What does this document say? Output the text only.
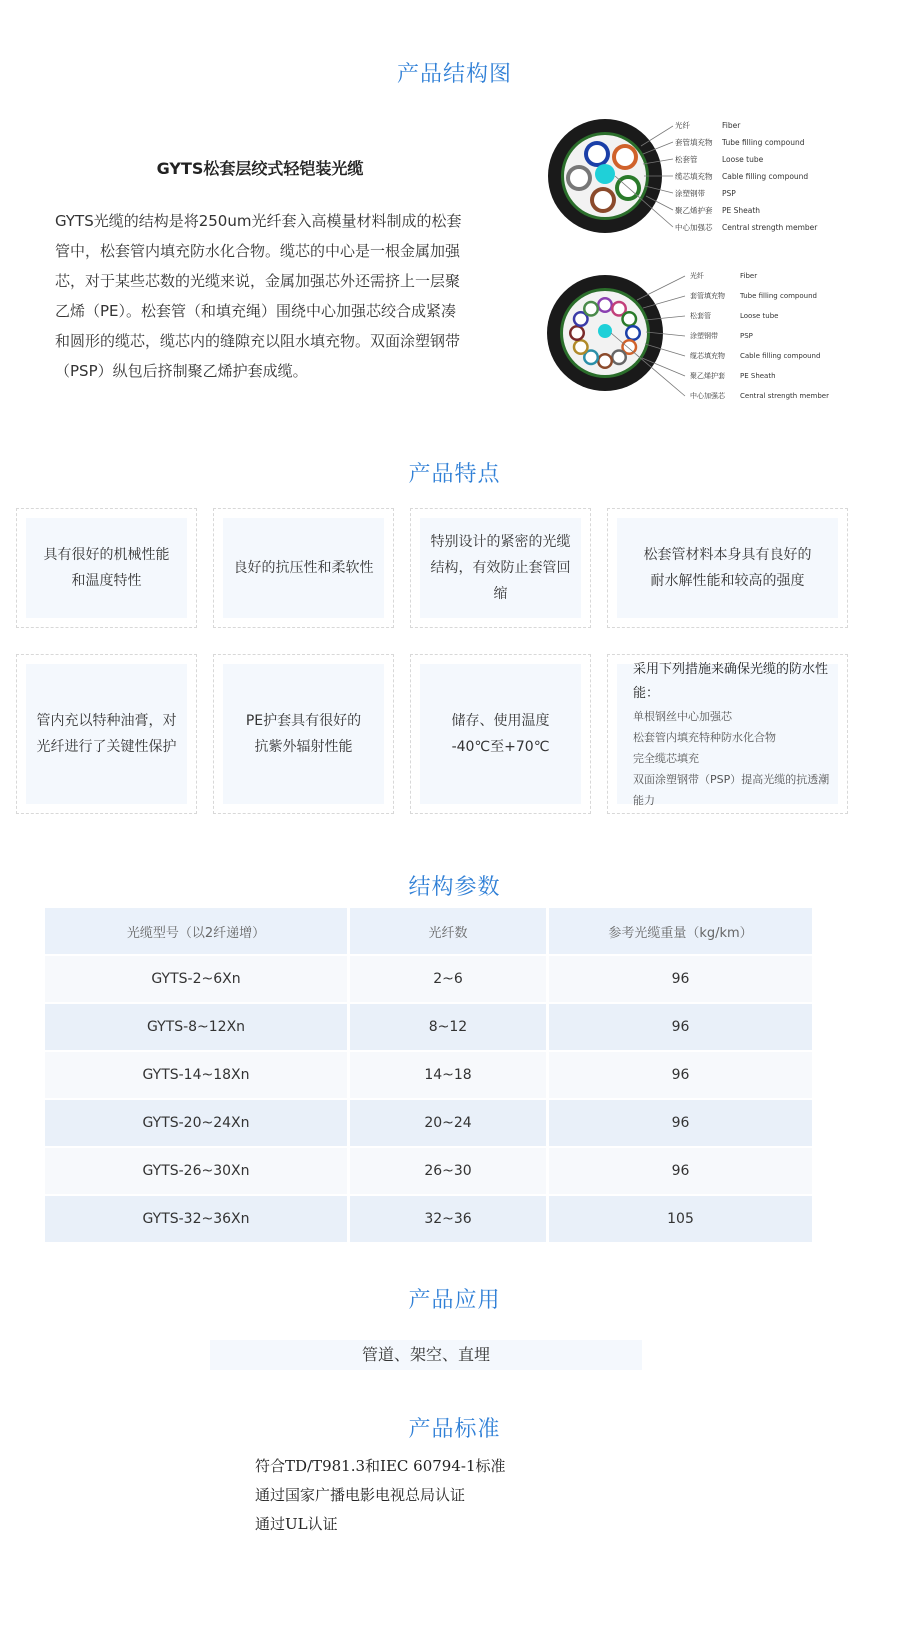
产品结构图
GYTS松套层绞式轻铠装光缆
GYTS光缆的结构是将250um光纤套入高模量材料制成的松套管中，松套管内填充防水化合物。缆芯的中心是一根金属加强芯，对于某些芯数的光缆来说，金属加强芯外还需挤上一层聚乙烯（PE）。松套管（和填充绳）围绕中心加强芯绞合成紧凑和圆形的缆芯，缆芯内的缝隙充以阻水填充物。双面涂塑钢带（PSP）纵包后挤制聚乙烯护套成缆。
光纤	Fiber
套管填充物 Tube filling compound
松套管	Loose tube
缆芯填充物 Cable filling compound
涂塑钢带 PSP
聚乙烯护套 PE Sheath
中心加强芯 Central strength member
光纤	Fiber
套管填充物 Tube filling compound
松套管	Loose tube
涂塑钢带	PSP
缆芯填充物 Cable filling compound
聚乙烯护套 PE Sheath
中心加强芯 Central strength member
产品特点
具有很好的机械性能
和温度特性
良好的抗压性和柔软性
特别设计的紧密的光缆
结构，有效防止套管回缩
松套管材料本身具有良好的
耐水解性能和较高的强度
管内充以特种油膏，对
光纤进行了关键性保护
PE护套具有很好的
抗紫外辐射性能
储存、使用温度
-40℃至+70℃
采用下列措施来确保光缆的防水性能：
单根钢丝中心加强芯
松套管内填充特种防水化合物
完全缆芯填充
双面涂塑钢带（PSP）提高光缆的抗透潮能力
结构参数
光缆型号（以2纤递增）	光纤数	参考光缆重量（kg/km）
GYTS-2~6Xn	2~6	96
GYTS-8~12Xn	8~12	96
GYTS-14~18Xn	14~18	96
GYTS-20~24Xn	20~24	96
GYTS-26~30Xn	26~30	96
GYTS-32~36Xn	32~36	105
产品应用
管道、架空、直埋
产品标准
符合TD/T981.3和IEC 60794-1标准
通过国家广播电影电视总局认证
通过UL认证
